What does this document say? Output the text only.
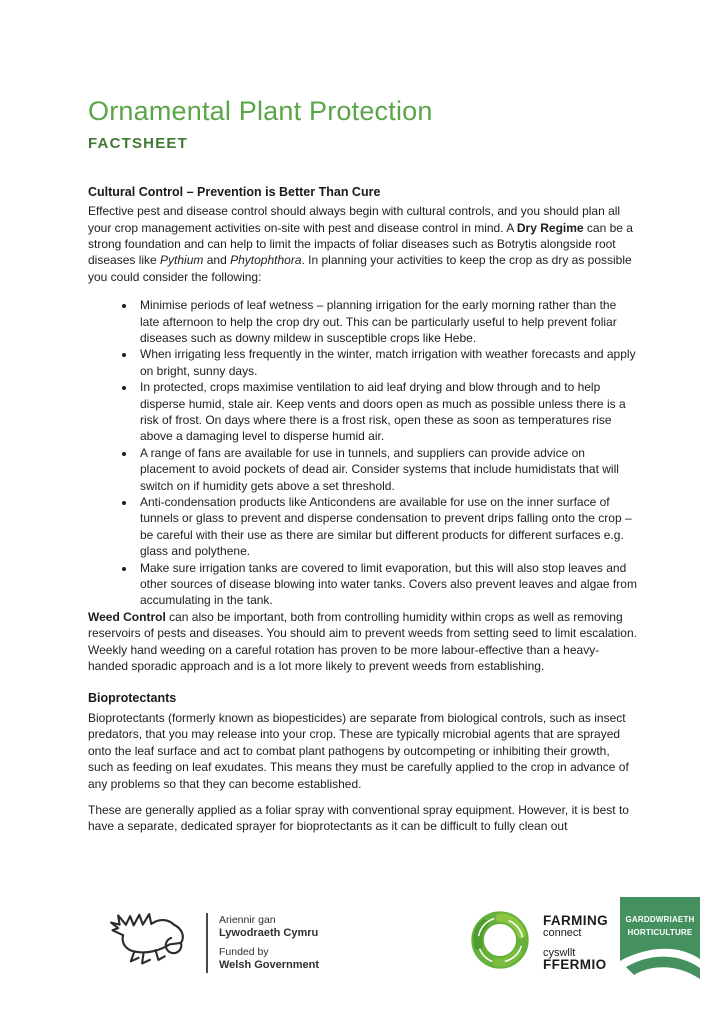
Ornamental Plant Protection
FACTSHEET
Cultural Control – Prevention is Better Than Cure

Effective pest and disease control should always begin with cultural controls, and you should plan all your crop management activities on-site with pest and disease control in mind. A Dry Regime can be a strong foundation and can help to limit the impacts of foliar diseases such as Botrytis alongside root diseases like Pythium and Phytophthora. In planning your activities to keep the crop as dry as possible you could consider the following:

• Minimise periods of leaf wetness – planning irrigation for the early morning rather than the late afternoon to help the crop dry out. This can be particularly useful to help prevent foliar diseases such as downy mildew in susceptible crops like Hebe.
• When irrigating less frequently in the winter, match irrigation with weather forecasts and apply on bright, sunny days.
• In protected, crops maximise ventilation to aid leaf drying and blow through and to help disperse humid, stale air. Keep vents and doors open as much as possible unless there is a risk of frost. On days where there is a frost risk, open these as soon as temperatures rise above a damaging level to disperse humid air.
• A range of fans are available for use in tunnels, and suppliers can provide advice on placement to avoid pockets of dead air. Consider systems that include humidistats that will switch on if humidity gets above a set threshold.
• Anti-condensation products like Anticondens are available for use on the inner surface of tunnels or glass to prevent and disperse condensation to prevent drips falling onto the crop – be careful with their use as there are similar but different products for different surfaces e.g. glass and polythene.
• Make sure irrigation tanks are covered to limit evaporation, but this will also stop leaves and other sources of disease blowing into water tanks. Covers also prevent leaves and algae from accumulating in the tank.

Weed Control can also be important, both from controlling humidity within crops as well as removing reservoirs of pests and diseases. You should aim to prevent weeds from setting seed to limit escalation. Weekly hand weeding on a careful rotation has proven to be more labour-effective than a heavy-handed sporadic approach and is a lot more likely to prevent weeds from establishing.

Bioprotectants

Bioprotectants (formerly known as biopesticides) are separate from biological controls, such as insect predators, that you may release into your crop. These are typically microbial agents that are sprayed onto the leaf surface and act to combat plant pathogens by outcompeting or inhibiting their growth, such as feeding on leaf exudates. This means they must be carefully applied to the crop in advance of any problems so that they can become established.

These are generally applied as a foliar spray with conventional spray equipment. However, it is best to have a separate, dedicated sprayer for bioprotectants as it can be difficult to fully clean out

Ariennir gan
Lywodraeth Cymru
Funded by
Welsh Government
FARMING
connect
cyswllt
FFERMIO
GARDDWRIAETH
HORTICULTURE
